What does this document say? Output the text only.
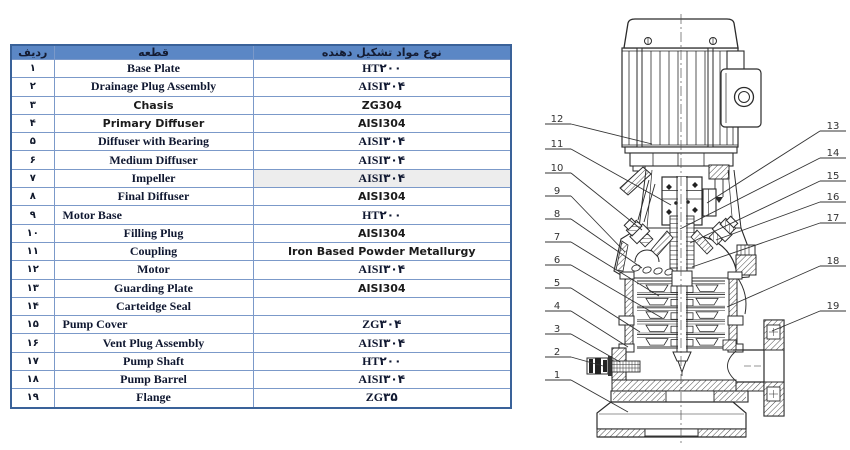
ردیف	قطعه	نوع مواد تشکیل دهنده
۱	Base Plate	HT۲۰۰
۲	Drainage Plug Assembly	AISI۳۰۴
۳	Chasis	ZG304
۴	Primary Diffuser	AISI304
۵	Diffuser with Bearing	AISI۳۰۴
۶	Medium Diffuser	AISI۳۰۴
۷	Impeller	AISI۳۰۴
۸	Final Diffuser	AISI304
۹	Motor Base	HT۲۰۰
۱۰	Filling Plug	AISI304
۱۱	Coupling	Iron Based Powder Metallurgy
۱۲	Motor	AISI۳۰۴
۱۳	Guarding Plate	AISI304
۱۴	Carteidge Seal	
۱۵	Pump Cover	ZG۳۰۴
۱۶	Vent Plug Assembly	AISI۳۰۴
۱۷	Pump Shaft	HT۲۰۰
۱۸	Pump Barrel	AISI۳۰۴
۱۹	Flange	ZG۳۵
12
11
10
9
8
7
6
5
4
3
2
1
13
14
15
16
17
18
19
